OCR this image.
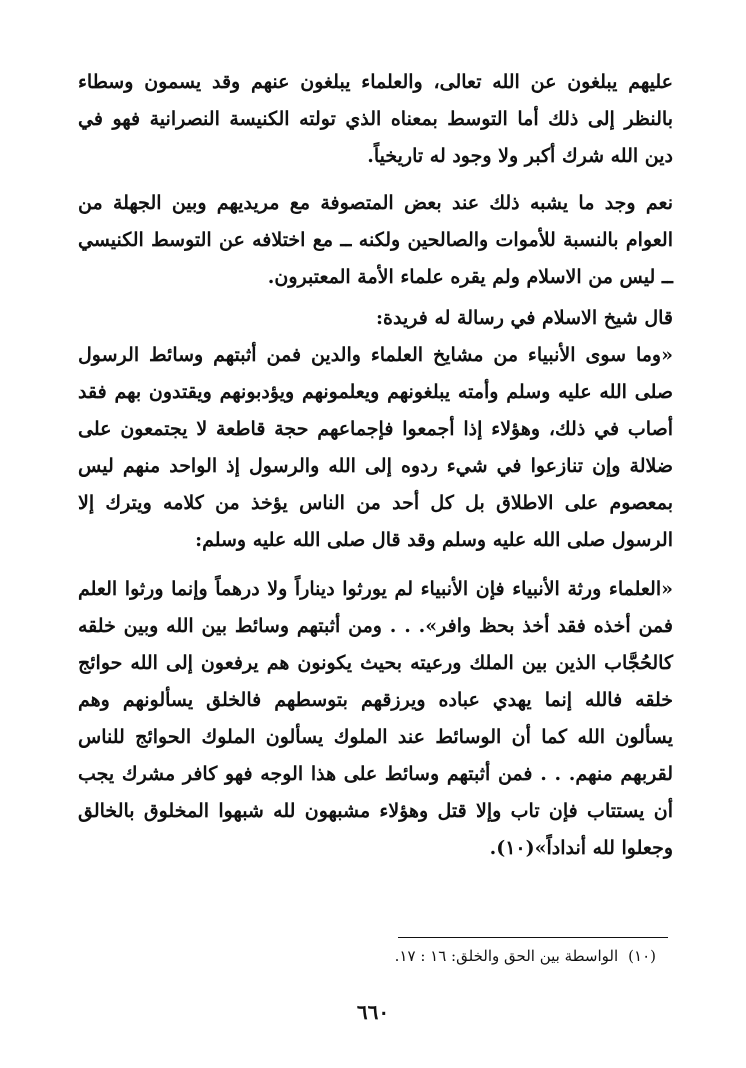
عليهم يبلغون عن الله تعالى، والعلماء يبلغون عنهم وقد يسمون وسطاء بالنظر إلى ذلك أما التوسط بمعناه الذي تولته الكنيسة النصرانية فهو في دين الله شرك أكبر ولا وجود له تاريخياً.

نعم وجد ما يشبه ذلك عند بعض المتصوفة مع مريديهم وبين الجهلة من العوام بالنسبة للأموات والصالحين ولكنه ــ مع اختلافه عن التوسط الكنيسي ــ ليس من الاسلام ولم يقره علماء الأمة المعتبرون.

قال شيخ الاسلام في رسالة له فريدة:

«وما سوى الأنبياء من مشايخ العلماء والدين فمن أثبتهم وسائط الرسول صلى الله عليه وسلم وأمته يبلغونهم ويعلمونهم ويؤدبونهم ويقتدون بهم فقد أصاب في ذلك، وهؤلاء إذا أجمعوا فإجماعهم حجة قاطعة لا يجتمعون على ضلالة وإن تنازعوا في شيء ردوه إلى الله والرسول إذ الواحد منهم ليس بمعصوم على الاطلاق بل كل أحد من الناس يؤخذ من كلامه ويترك إلا الرسول صلى الله عليه وسلم وقد قال صلى الله عليه وسلم:

«العلماء ورثة الأنبياء فإن الأنبياء لم يورثوا ديناراً ولا درهماً وإنما ورثوا العلم فمن أخذه فقد أخذ بحظ وافر». . . ومن أثبتهم وسائط بين الله وبين خلقه كالحُجَّاب الذين بين الملك ورعيته بحيث يكونون هم يرفعون إلى الله حوائج خلقه فالله إنما يهدي عباده ويرزقهم بتوسطهم فالخلق يسألونهم وهم يسألون الله كما أن الوسائط عند الملوك يسألون الملوك الحوائج للناس لقربهم منهم. . . فمن أثبتهم وسائط على هذا الوجه فهو كافر مشرك يجب أن يستتاب فإن تاب وإلا قتل وهؤلاء مشبهون لله شبهوا المخلوق بالخالق وجعلوا لله أنداداً»(١٠).

(١٠)الواسطة بين الحق والخلق: ١٦ : ١٧.
٦٦٠
